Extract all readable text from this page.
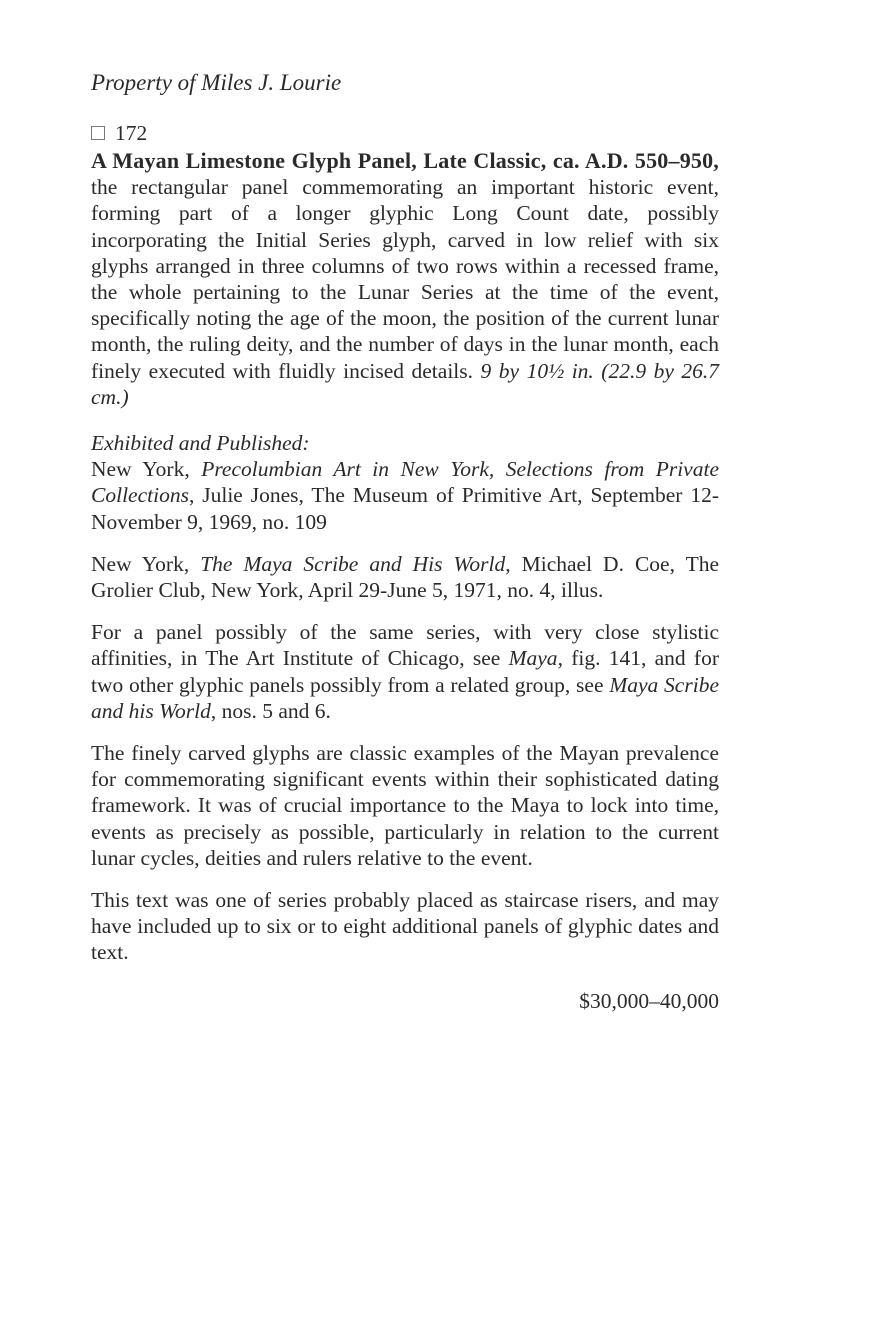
Property of Miles J. Lourie
172

A Mayan Limestone Glyph Panel, Late Classic, ca. A.D. 550–950, the rectangular panel commemorating an important historic event, forming part of a longer glyphic Long Count date, possibly incorporating the Initial Series glyph, carved in low relief with six glyphs arranged in three columns of two rows within a recessed frame, the whole pertaining to the Lunar Series at the time of the event, specifically noting the age of the moon, the position of the current lunar month, the ruling deity, and the number of days in the lunar month, each finely executed with fluidly incised details. 9 by 10½ in. (22.9 by 26.7 cm.)

Exhibited and Published:

New York, Precolumbian Art in New York, Selections from Private Collections, Julie Jones, The Museum of Primitive Art, September 12-November 9, 1969, no. 109

New York, The Maya Scribe and His World, Michael D. Coe, The Grolier Club, New York, April 29-June 5, 1971, no. 4, illus.

For a panel possibly of the same series, with very close stylistic affinities, in The Art Institute of Chicago, see Maya, fig. 141, and for two other glyphic panels possibly from a related group, see Maya Scribe and his World, nos. 5 and 6.

The finely carved glyphs are classic examples of the Mayan prevalence for commemorating significant events within their sophisticated dating framework. It was of crucial importance to the Maya to lock into time, events as precisely as possible, particularly in relation to the current lunar cycles, deities and rulers relative to the event.

This text was one of series probably placed as staircase risers, and may have included up to six or to eight additional panels of glyphic dates and text.

$30,000–40,000
